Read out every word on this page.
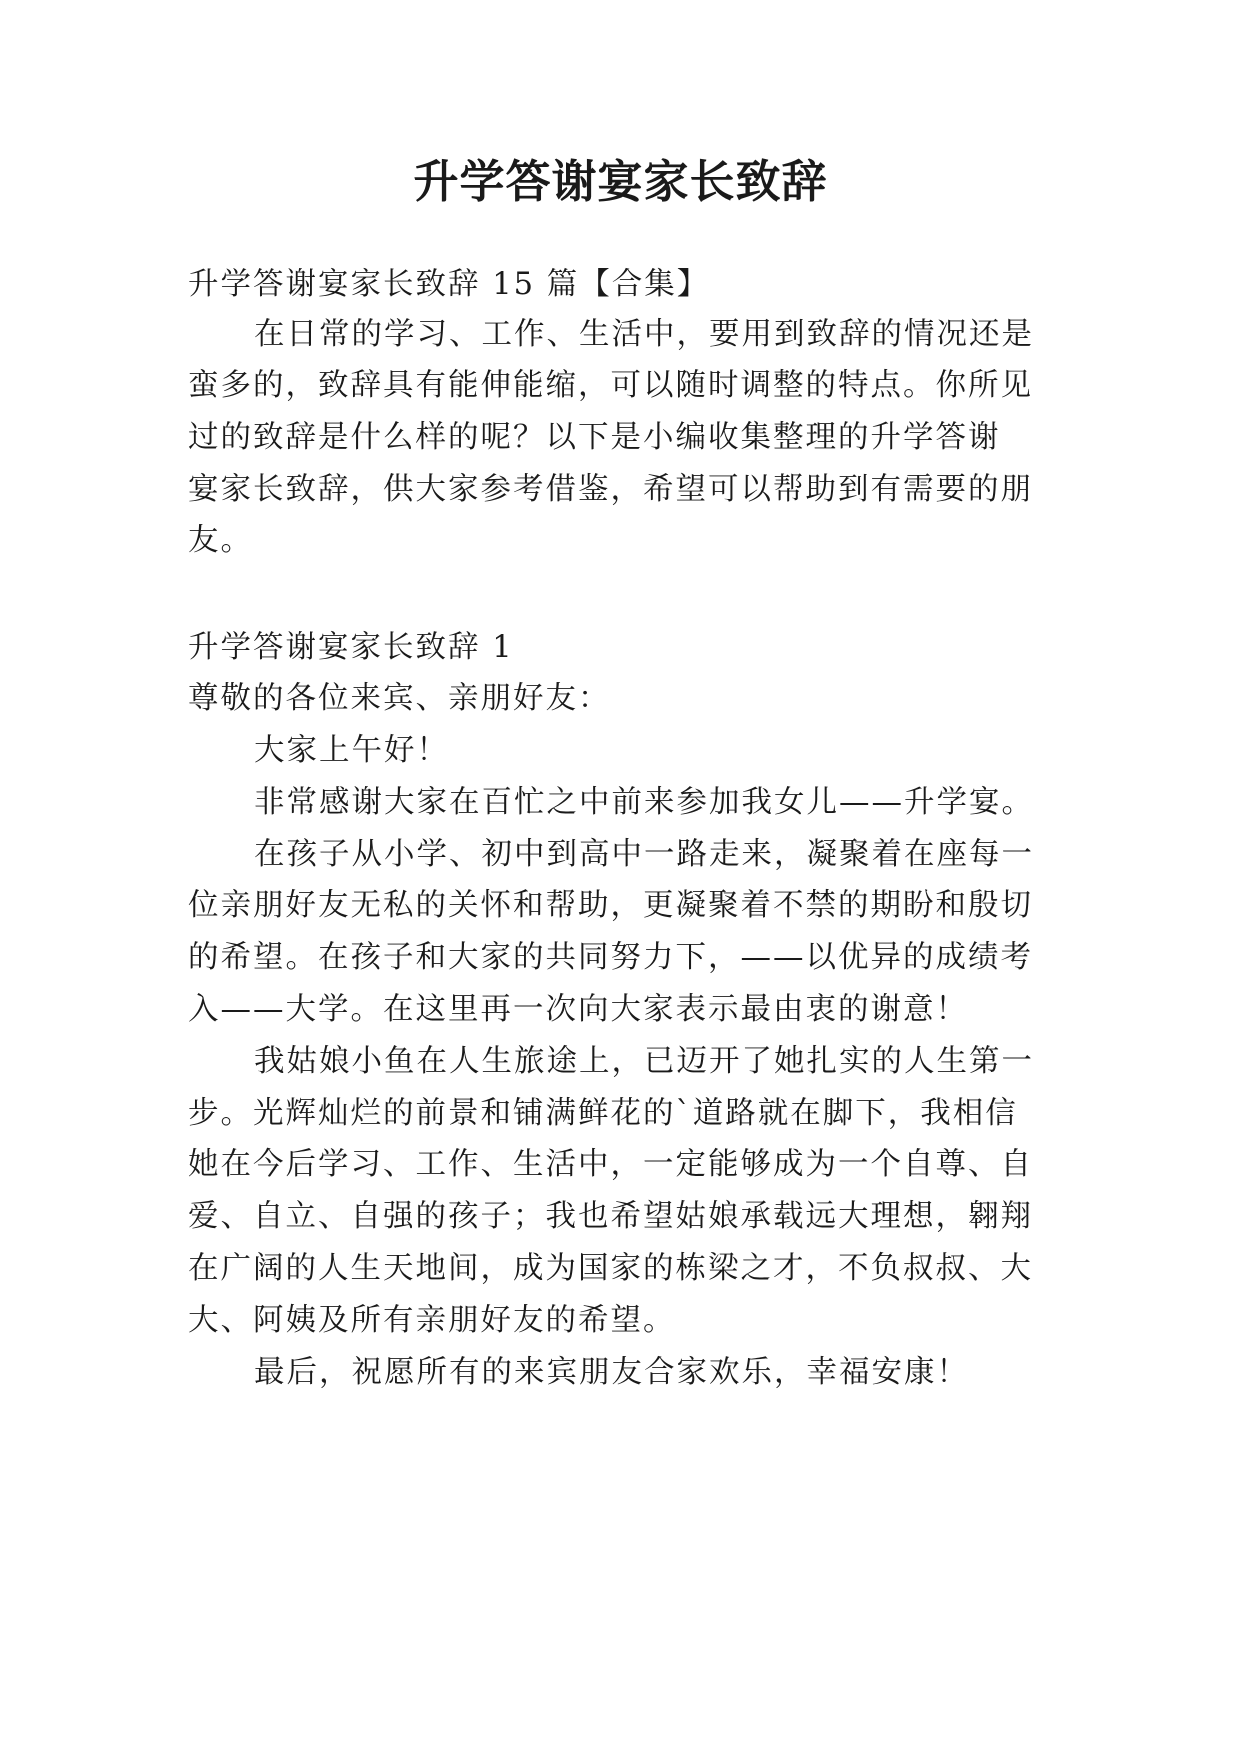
升学答谢宴家长致辞
升学答谢宴家长致辞 15 篇【合集】
在日常的学习、工作、生活中，要用到致辞的情况还是
蛮多的，致辞具有能伸能缩，可以随时调整的特点。你所见
过的致辞是什么样的呢？以下是小编收集整理的升学答谢
宴家长致辞，供大家参考借鉴，希望可以帮助到有需要的朋
友。
升学答谢宴家长致辞 1
尊敬的各位来宾、亲朋好友：
大家上午好！
非常感谢大家在百忙之中前来参加我女儿——升学宴。
在孩子从小学、初中到高中一路走来，凝聚着在座每一
位亲朋好友无私的关怀和帮助，更凝聚着不禁的期盼和殷切
的希望。在孩子和大家的共同努力下，——以优异的成绩考
入——大学。在这里再一次向大家表示最由衷的谢意！
我姑娘小鱼在人生旅途上，已迈开了她扎实的人生第一
步。光辉灿烂的前景和铺满鲜花的`道路就在脚下，我相信
她在今后学习、工作、生活中，一定能够成为一个自尊、自
爱、自立、自强的孩子；我也希望姑娘承载远大理想，翱翔
在广阔的人生天地间，成为国家的栋梁之才，不负叔叔、大
大、阿姨及所有亲朋好友的希望。
最后，祝愿所有的来宾朋友合家欢乐，幸福安康！
